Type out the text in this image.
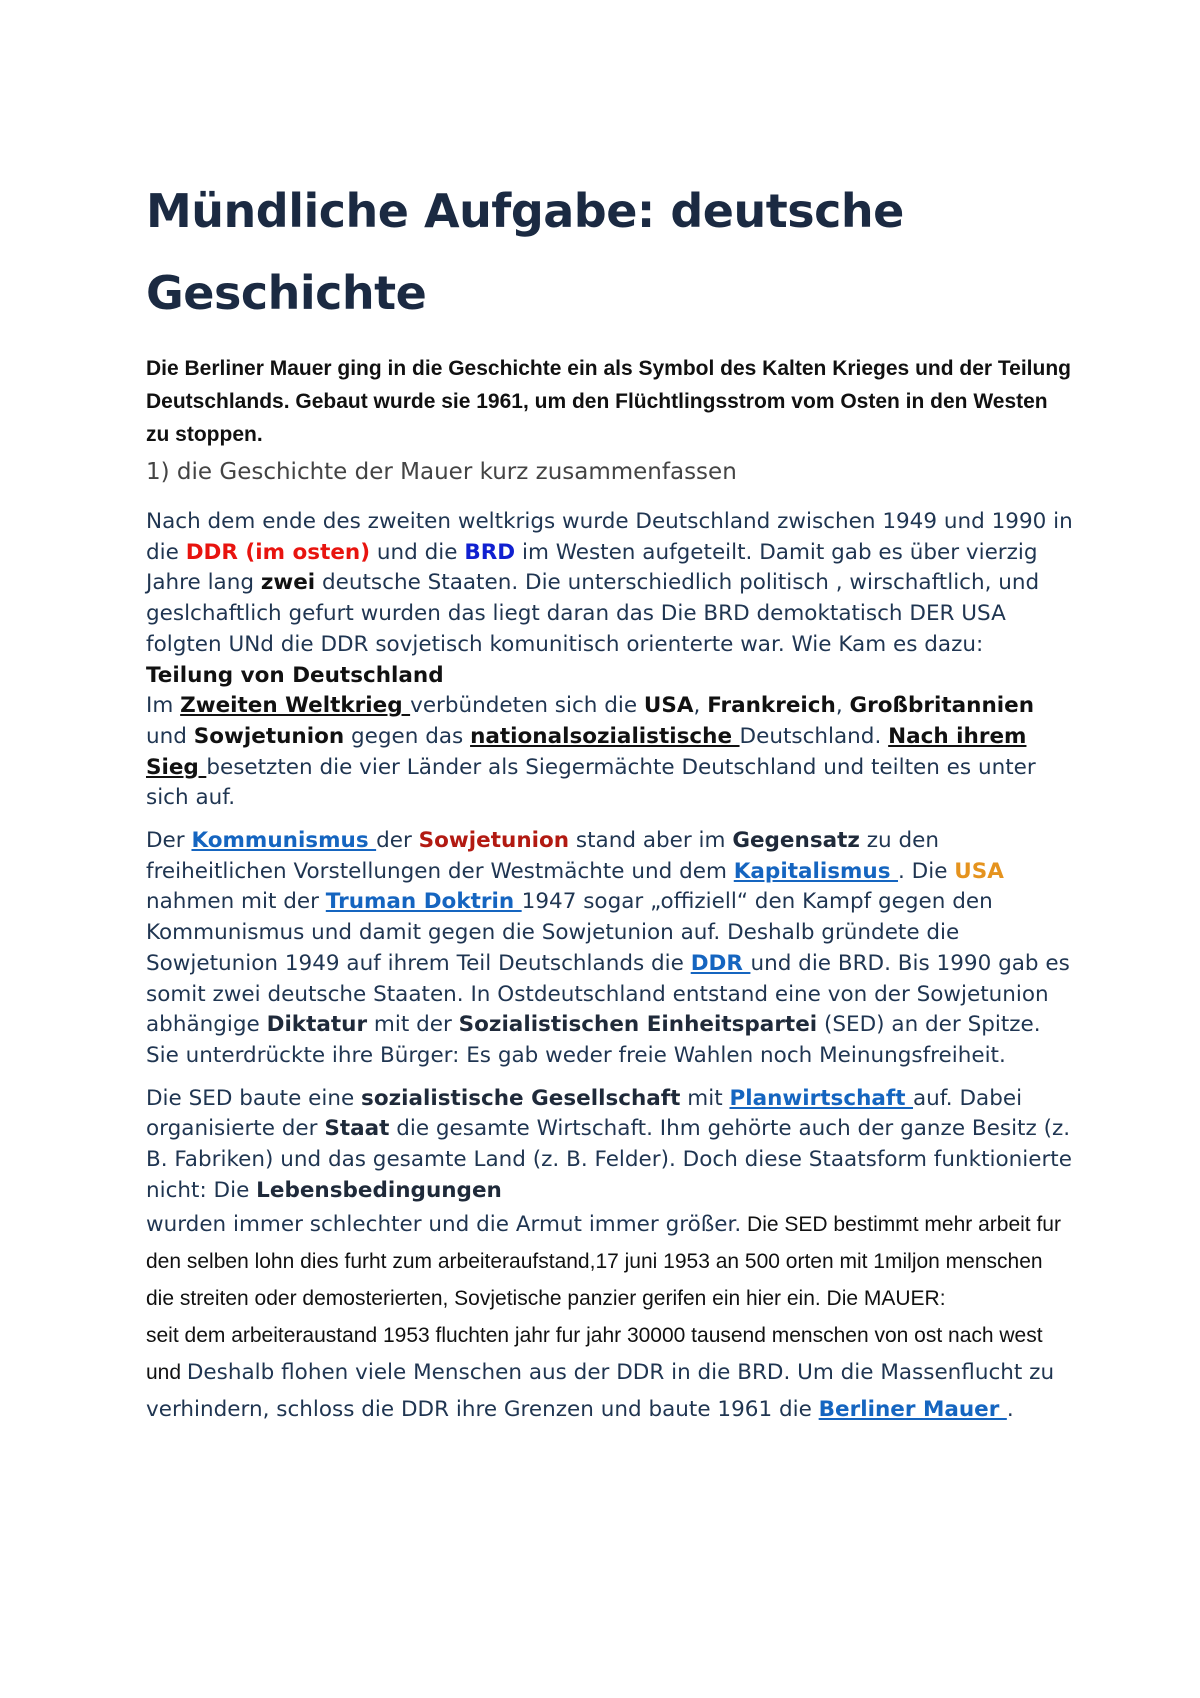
Mündliche Aufgabe: deutsche
Geschichte

Die Berliner Mauer ging in die Geschichte ein als Symbol des Kalten Krieges und der Teilung Deutschlands. Gebaut wurde sie 1961, um den Flüchtlingsstrom vom Osten in den Westen zu stoppen.

1) die Geschichte der Mauer kurz zusammenfassen

Nach dem ende des zweiten weltkrigs wurde Deutschland zwischen 1949 und 1990 in die DDR (im osten) und die BRD im Westen aufgeteilt. Damit gab es über vierzig Jahre lang zwei deutsche Staaten. Die unterschiedlich politisch , wirschaftlich, und geslchaftlich gefurt wurden das liegt daran das Die BRD demoktatisch DER USA folgten UNd die DDR sovjetisch komunitisch orienterte war. Wie Kam es dazu: Teilung von Deutschland
Im Zweiten Weltkrieg verbündeten sich die USA, Frankreich, Großbritannien und Sowjetunion gegen das nationalsozialistische Deutschland. Nach ihrem Sieg besetzten die vier Länder als Siegermächte Deutschland und teilten es unter sich auf.

Der Kommunismus der Sowjetunion stand aber im Gegensatz zu den freiheitlichen Vorstellungen der Westmächte und dem Kapitalismus . Die USA nahmen mit der Truman Doktrin 1947 sogar „offiziell“ den Kampf gegen den Kommunismus und damit gegen die Sowjetunion auf. Deshalb gründete die Sowjetunion 1949 auf ihrem Teil Deutschlands die DDR und die BRD. Bis 1990 gab es somit zwei deutsche Staaten. In Ostdeutschland entstand eine von der Sowjetunion abhängige Diktatur mit der Sozialistischen Einheitspartei (SED) an der Spitze. Sie unterdrückte ihre Bürger: Es gab weder freie Wahlen noch Meinungsfreiheit.

Die SED baute eine sozialistische Gesellschaft mit Planwirtschaft auf. Dabei organisierte der Staat die gesamte Wirtschaft. Ihm gehörte auch der ganze Besitz (z. B. Fabriken) und das gesamte Land (z. B. Felder). Doch diese Staatsform funktionierte nicht: Die Lebensbedingungen

wurden immer schlechter und die Armut immer größer. Die SED bestimmt mehr arbeit fur den selben lohn dies furht zum arbeiteraufstand,17 juni 1953 an 500 orten mit 1miljon menschen die streiten oder demosterierten, Sovjetische panzier gerifen ein hier ein. Die MAUER:
seit dem arbeiteraustand 1953 fluchten jahr fur jahr 30000 tausend menschen von ost nach west und Deshalb flohen viele Menschen aus der DDR in die BRD. Um die Massenflucht zu verhindern, schloss die DDR ihre Grenzen und baute 1961 die Berliner Mauer .
